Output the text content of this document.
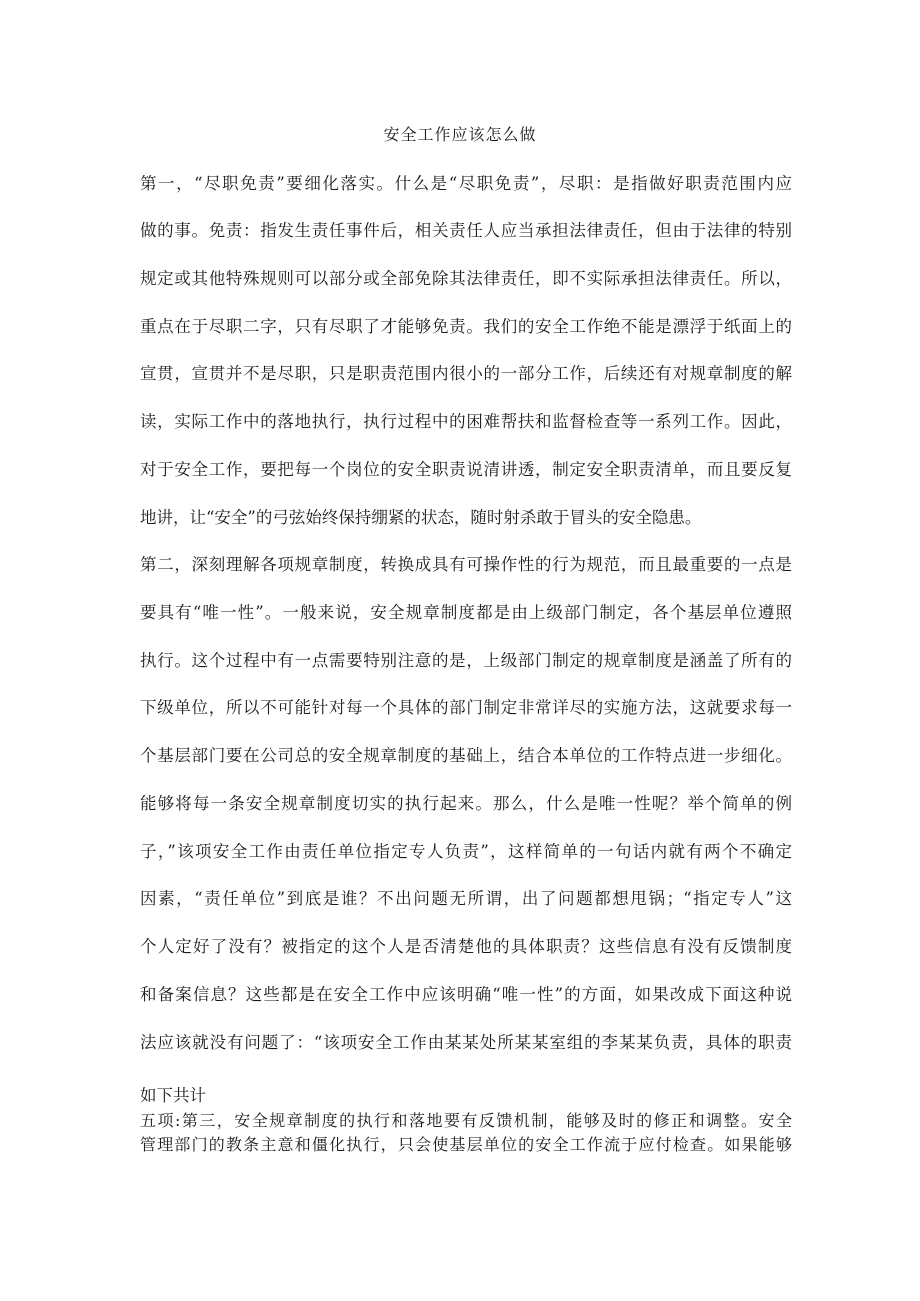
安全工作应该怎么做
第一，“尽职免责”要细化落实。什么是“尽职免责”，尽职：是指做好职责范围内应
做的事。免责：指发生责任事件后，相关责任人应当承担法律责任，但由于法律的特别
规定或其他特殊规则可以部分或全部免除其法律责任，即不实际承担法律责任。所以，
重点在于尽职二字，只有尽职了才能够免责。我们的安全工作绝不能是漂浮于纸面上的
宣贯，宣贯并不是尽职，只是职责范围内很小的一部分工作，后续还有对规章制度的解
读，实际工作中的落地执行，执行过程中的困难帮扶和监督检查等一系列工作。因此，
对于安全工作，要把每一个岗位的安全职责说清讲透，制定安全职责清单，而且要反复
地讲，让“安全”的弓弦始终保持绷紧的状态，随时射杀敢于冒头的安全隐患。
第二，深刻理解各项规章制度，转换成具有可操作性的行为规范，而且最重要的一点是
要具有“唯一性”。一般来说，安全规章制度都是由上级部门制定，各个基层单位遵照
执行。这个过程中有一点需要特别注意的是，上级部门制定的规章制度是涵盖了所有的
下级单位，所以不可能针对每一个具体的部门制定非常详尽的实施方法，这就要求每一
个基层部门要在公司总的安全规章制度的基础上，结合本单位的工作特点进一步细化。
能够将每一条安全规章制度切实的执行起来。那么，什么是唯一性呢？举个简单的例
子，”该项安全工作由责任单位指定专人负责”，这样简单的一句话内就有两个不确定
因素，“责任单位”到底是谁？不出问题无所谓，出了问题都想甩锅；“指定专人”这
个人定好了没有？被指定的这个人是否清楚他的具体职责？这些信息有没有反馈制度
和备案信息？这些都是在安全工作中应该明确“唯一性”的方面，如果改成下面这种说
法应该就没有问题了：“该项安全工作由某某处所某某室组的李某某负责，具体的职责
如下共计
五项:第三，安全规章制度的执行和落地要有反馈机制，能够及时的修正和调整。安全
管理部门的教条主意和僵化执行，只会使基层单位的安全工作流于应付检查。如果能够
